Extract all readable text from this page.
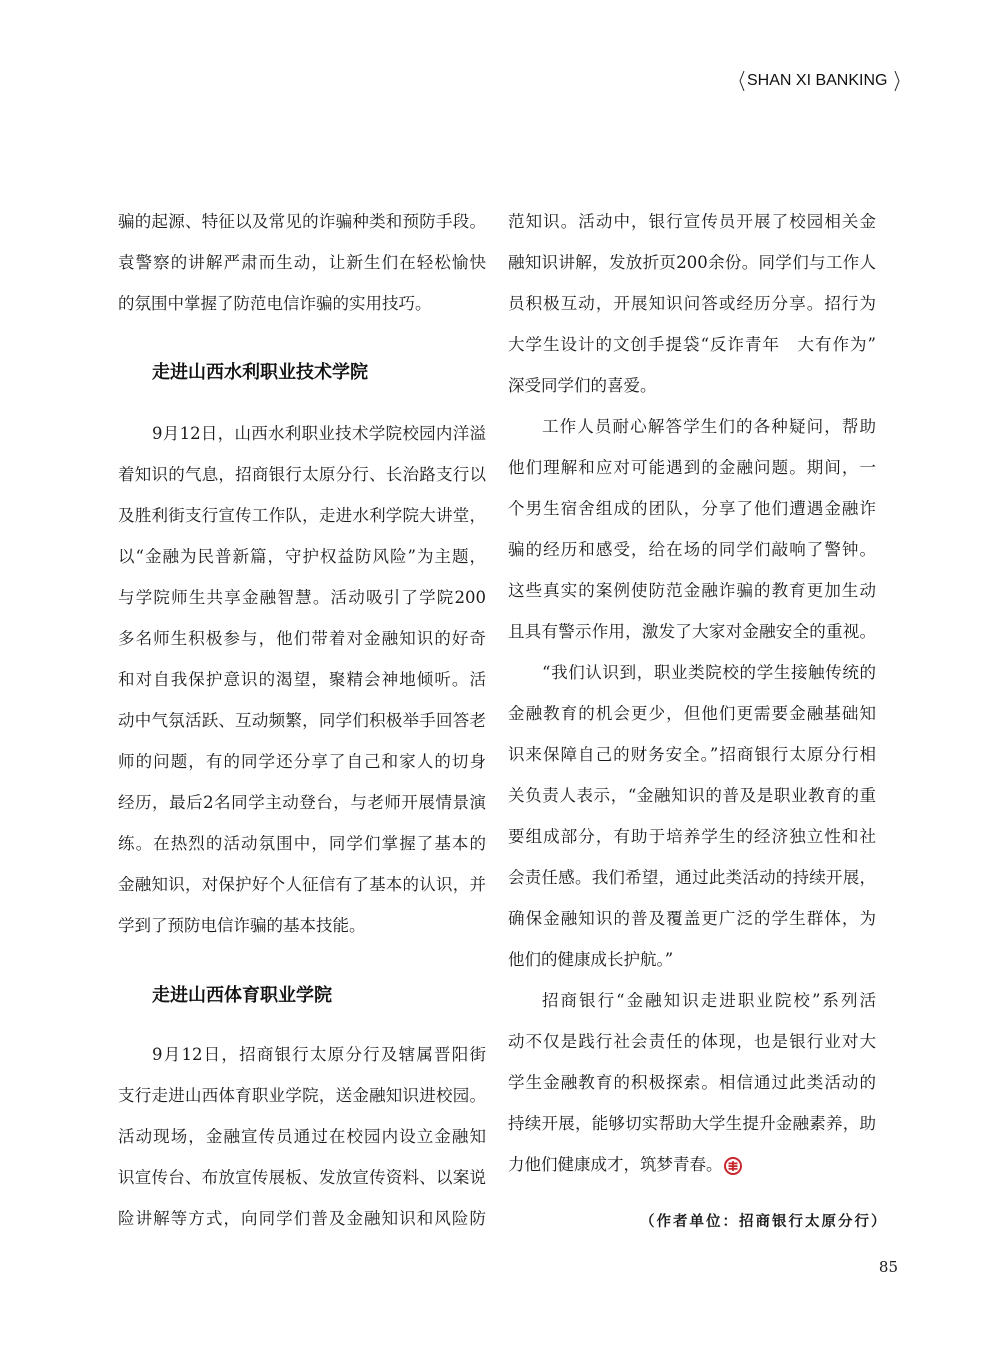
SHAN XI BANKING
骗的起源、特征以及常见的诈骗种类和预防手段。
袁警察的讲解严肃而生动，让新生们在轻松愉快
的氛围中掌握了防范电信诈骗的实用技巧。
走进山西水利职业技术学院
9月12日，山西水利职业技术学院校园内洋溢
着知识的气息，招商银行太原分行、长治路支行以
及胜利街支行宣传工作队，走进水利学院大讲堂，
以“金融为民普新篇，守护权益防风险”为主题，
与学院师生共享金融智慧。活动吸引了学院200
多名师生积极参与，他们带着对金融知识的好奇
和对自我保护意识的渴望，聚精会神地倾听。活
动中气氛活跃、互动频繁，同学们积极举手回答老
师的问题，有的同学还分享了自己和家人的切身
经历，最后2名同学主动登台，与老师开展情景演
练。在热烈的活动氛围中，同学们掌握了基本的
金融知识，对保护好个人征信有了基本的认识，并
学到了预防电信诈骗的基本技能。
走进山西体育职业学院
9月12日，招商银行太原分行及辖属晋阳街
支行走进山西体育职业学院，送金融知识进校园。
活动现场，金融宣传员通过在校园内设立金融知
识宣传台、布放宣传展板、发放宣传资料、以案说
险讲解等方式，向同学们普及金融知识和风险防
范知识。活动中，银行宣传员开展了校园相关金
融知识讲解，发放折页200余份。同学们与工作人
员积极互动，开展知识问答或经历分享。招行为
大学生设计的文创手提袋“反诈青年　大有作为”
深受同学们的喜爱。
工作人员耐心解答学生们的各种疑问，帮助
他们理解和应对可能遇到的金融问题。期间，一
个男生宿舍组成的团队，分享了他们遭遇金融诈
骗的经历和感受，给在场的同学们敲响了警钟。
这些真实的案例使防范金融诈骗的教育更加生动
且具有警示作用，激发了大家对金融安全的重视。
“我们认识到，职业类院校的学生接触传统的
金融教育的机会更少，但他们更需要金融基础知
识来保障自己的财务安全。”招商银行太原分行相
关负责人表示，“金融知识的普及是职业教育的重
要组成部分，有助于培养学生的经济独立性和社
会责任感。我们希望，通过此类活动的持续开展，
确保金融知识的普及覆盖更广泛的学生群体，为
他们的健康成长护航。”
招商银行“金融知识走进职业院校”系列活
动不仅是践行社会责任的体现，也是银行业对大
学生金融教育的积极探索。相信通过此类活动的
持续开展，能够切实帮助大学生提升金融素养，助
力他们健康成才，筑梦青春。
（作者单位：招商银行太原分行）
85
